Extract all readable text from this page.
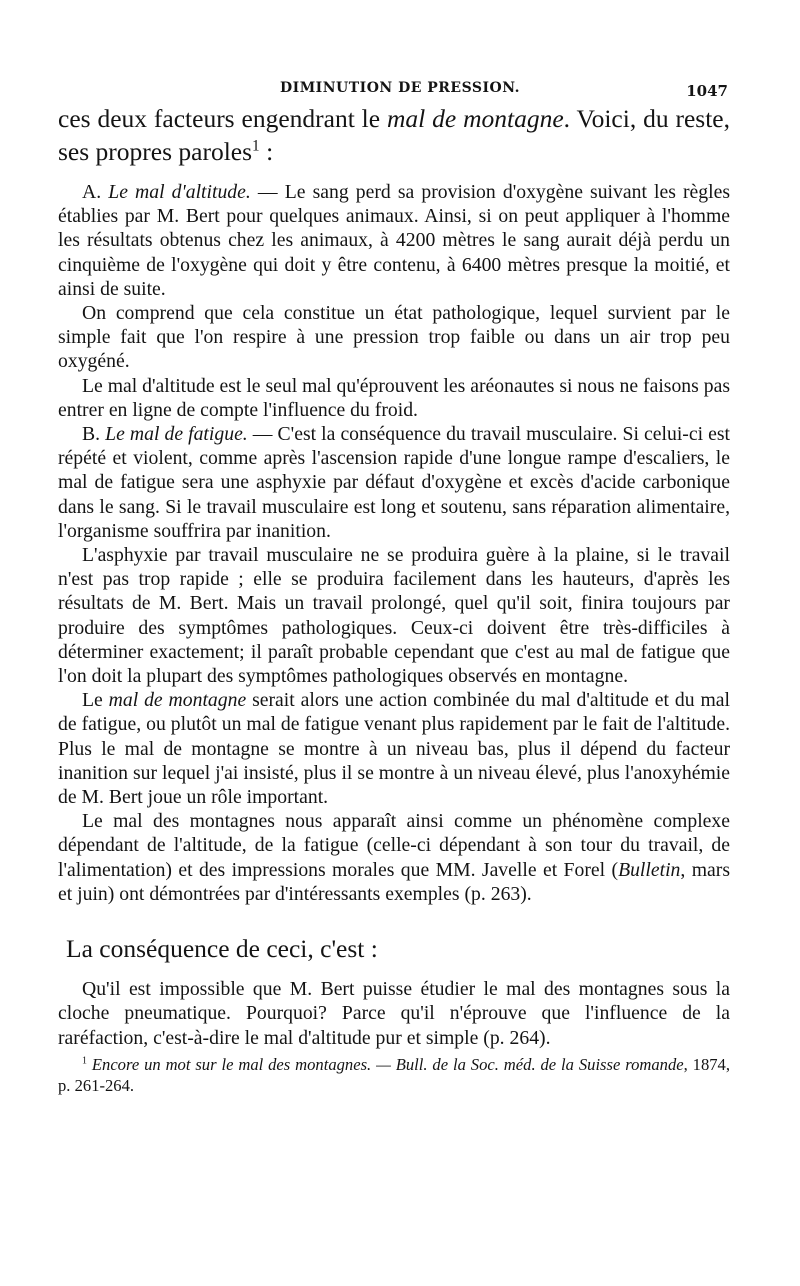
DIMINUTION DE PRESSION.	1047

ces deux facteurs engendrant le mal de montagne. Voici, du reste, ses propres paroles$^1$ :

A. Le mal d'altitude. — Le sang perd sa provision d'oxygène suivant les règles établies par M. Bert pour quelques animaux. Ainsi, si on peut appliquer à l'homme les résultats obtenus chez les animaux, à 4200 mètres le sang aurait déjà perdu un cinquième de l'oxygène qui doit y être contenu, à 6400 mètres presque la moitié, et ainsi de suite.

On comprend que cela constitue un état pathologique, lequel survient par le simple fait que l'on respire à une pression trop faible ou dans un air trop peu oxygéné.

Le mal d'altitude est le seul mal qu'éprouvent les aréonautes si nous ne faisons pas entrer en ligne de compte l'influence du froid.

B. Le mal de fatigue. — C'est la conséquence du travail musculaire. Si celui-ci est répété et violent, comme après l'ascension rapide d'une longue rampe d'escaliers, le mal de fatigue sera une asphyxie par défaut d'oxygène et excès d'acide carbonique dans le sang. Si le travail musculaire est long et soutenu, sans réparation alimentaire, l'organisme souffrira par inanition.

L'asphyxie par travail musculaire ne se produira guère à la plaine, si le travail n'est pas trop rapide ; elle se produira facilement dans les hauteurs, d'après les résultats de M. Bert. Mais un travail prolongé, quel qu'il soit, finira toujours par produire des symptômes pathologiques. Ceux-ci doivent être très-difficiles à déterminer exactement; il paraît probable cependant que c'est au mal de fatigue que l'on doit la plupart des symptômes pathologiques observés en montagne.

Le mal de montagne serait alors une action combinée du mal d'altitude et du mal de fatigue, ou plutôt un mal de fatigue venant plus rapidement par le fait de l'altitude. Plus le mal de montagne se montre à un niveau bas, plus il dépend du facteur inanition sur lequel j'ai insisté, plus il se montre à un niveau élevé, plus l'anoxyhémie de M. Bert joue un rôle important.

Le mal des montagnes nous apparaît ainsi comme un phénomène complexe dépendant de l'altitude, de la fatigue (celle-ci dépendant à son tour du travail, de l'alimentation) et des impressions morales que MM. Javelle et Forel (Bulletin, mars et juin) ont démontrées par d'intéressants exemples (p. 263).

La conséquence de ceci, c'est :

Qu'il est impossible que M. Bert puisse étudier le mal des montagnes sous la cloche pneumatique. Pourquoi? Parce qu'il n'éprouve que l'influence de la raréfaction, c'est-à-dire le mal d'altitude pur et simple (p. 264).

$^1$ Encore un mot sur le mal des montagnes. — Bull. de la Soc. méd. de la Suisse romande, 1874, p. 261-264.
